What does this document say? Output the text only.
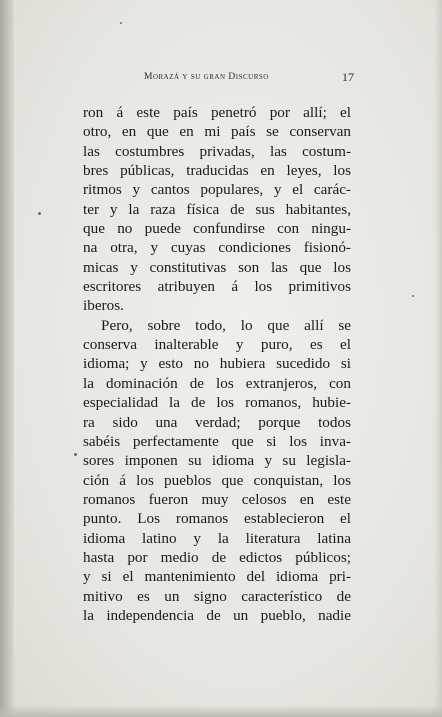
Morazá y su gran Discurso	17
ron á este país penetró por allí; el
otro, en que en mi país se conservan
las costumbres privadas, las costum-
bres públicas, traducidas en leyes, los
ritmos y cantos populares, y el carác-
ter y la raza física de sus habitantes,
que no puede confundirse con ningu-
na otra, y cuyas condiciones fisionó-
micas y constitutivas son las que los
escritores atribuyen á los primitivos
iberos.
Pero, sobre todo, lo que allí se
conserva inalterable y puro, es el
idioma; y esto no hubiera sucedido si
la dominación de los extranjeros, con
especialidad la de los romanos, hubie-
ra sido una verdad; porque todos
sabéis perfectamente que si los inva-
sores imponen su idioma y su legisla-
ción á los pueblos que conquistan, los
romanos fueron muy celosos en este
punto. Los romanos establecieron el
idioma latino y la literatura latina
hasta por medio de edictos públicos;
y si el mantenimiento del idioma pri-
mitivo es un signo característico de
la independencia de un pueblo, nadie
